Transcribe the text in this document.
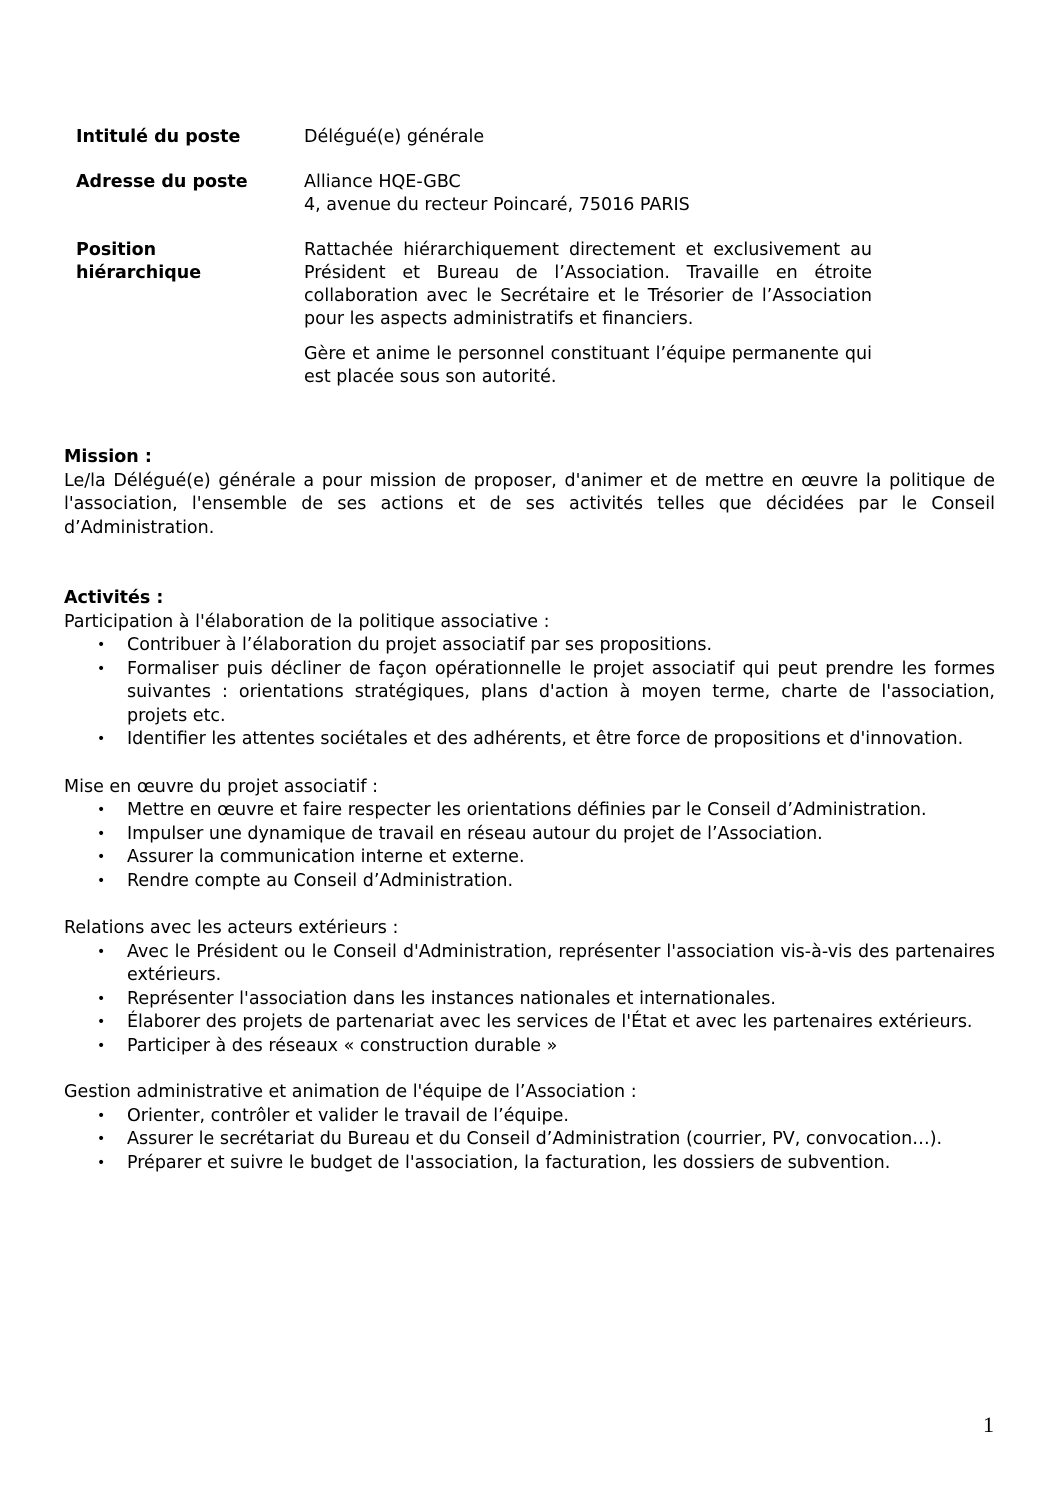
Intitulé du poste	Délégué(e) générale
Adresse du poste	Alliance HQE-GBC
4, avenue du recteur Poincaré, 75016 PARIS
Position
hiérarchique
Rattachée hiérarchiquement directement et exclusivement au Président et Bureau de l’Association. Travaille en étroite collaboration avec le Secrétaire et le Trésorier de l’Association pour les aspects administratifs et financiers.
Gère et anime le personnel constituant l’équipe permanente qui est placée sous son autorité.
Mission :
Le/la Délégué(e) générale a pour mission de proposer, d'animer et de mettre en œuvre la politique de l'association, l'ensemble de ses actions et de ses activités telles que décidées par le Conseil d’Administration.
Activités :
Participation à l'élaboration de la politique associative :
• Contribuer à l’élaboration du projet associatif par ses propositions.
• Formaliser puis décliner de façon opérationnelle le projet associatif qui peut prendre les formes suivantes : orientations stratégiques, plans d'action à moyen terme, charte de l'association, projets etc.
• Identifier les attentes sociétales et des adhérents, et être force de propositions et d'innovation.
Mise en œuvre du projet associatif :
• Mettre en œuvre et faire respecter les orientations définies par le Conseil d’Administration.
• Impulser une dynamique de travail en réseau autour du projet de l’Association.
• Assurer la communication interne et externe.
• Rendre compte au Conseil d’Administration.
Relations avec les acteurs extérieurs :
• Avec le Président ou le Conseil d'Administration, représenter l'association vis-à-vis des partenaires extérieurs.
• Représenter l'association dans les instances nationales et internationales.
• Élaborer des projets de partenariat avec les services de l'État et avec les partenaires extérieurs.
• Participer à des réseaux « construction durable »
Gestion administrative et animation de l'équipe de l’Association :
• Orienter, contrôler et valider le travail de l’équipe.
• Assurer le secrétariat du Bureau et du Conseil d’Administration (courrier, PV, convocation…).
• Préparer et suivre le budget de l'association, la facturation, les dossiers de subvention.
1
